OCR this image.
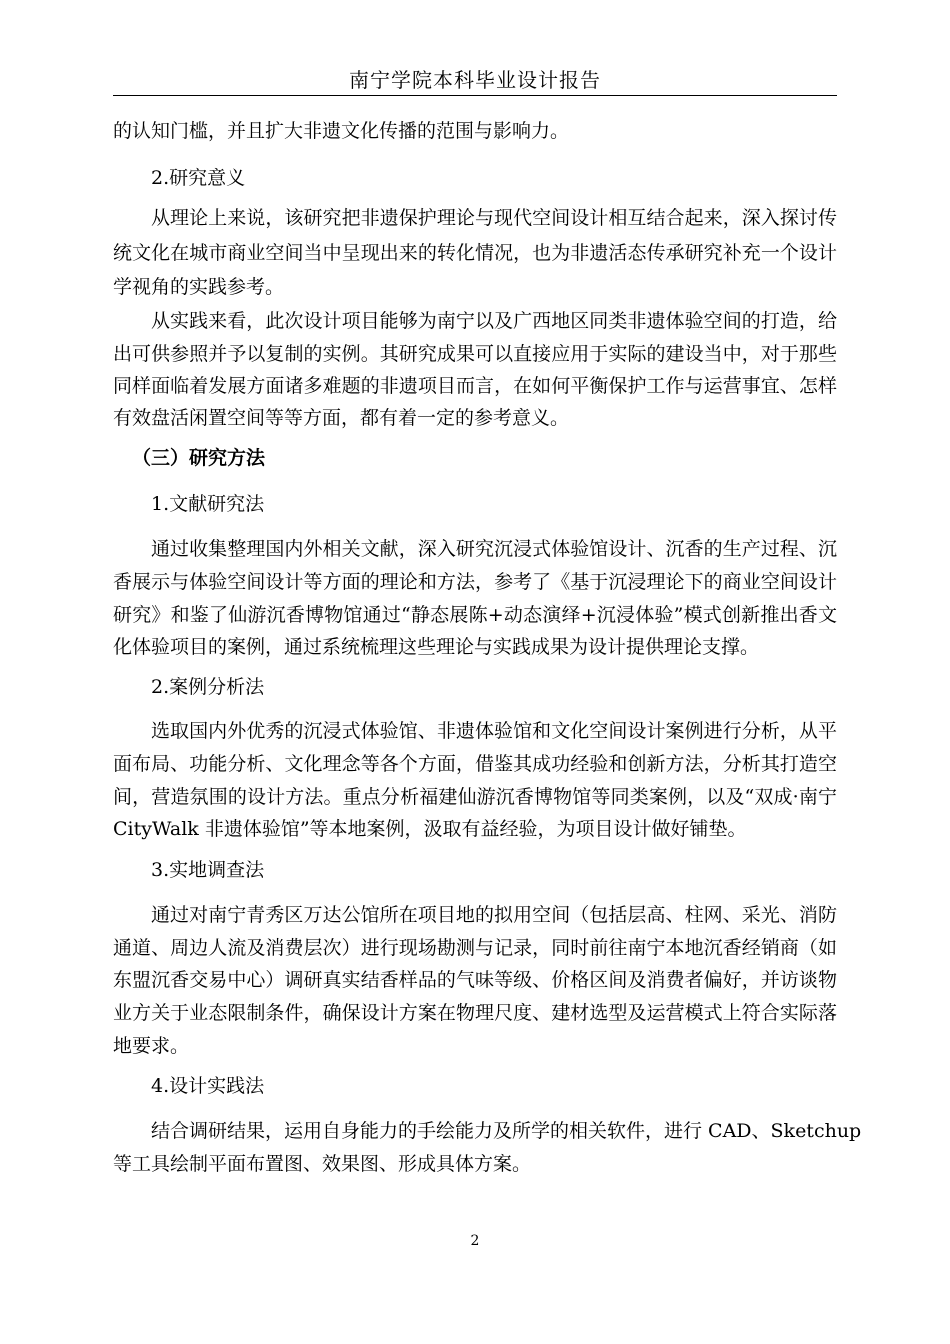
南宁学院本科毕业设计报告
的认知门槛，并且扩大非遗文化传播的范围与影响力。
2.研究意义
从理论上来说，该研究把非遗保护理论与现代空间设计相互结合起来，深入探讨传
统文化在城市商业空间当中呈现出来的转化情况，也为非遗活态传承研究补充一个设计
学视角的实践参考。
从实践来看，此次设计项目能够为南宁以及广西地区同类非遗体验空间的打造，给
出可供参照并予以复制的实例。其研究成果可以直接应用于实际的建设当中，对于那些
同样面临着发展方面诸多难题的非遗项目而言，在如何平衡保护工作与运营事宜、怎样
有效盘活闲置空间等等方面，都有着一定的参考意义。
（三）研究方法
1.文献研究法
通过收集整理国内外相关文献，深入研究沉浸式体验馆设计、沉香的生产过程、沉
香展示与体验空间设计等方面的理论和方法，参考了《基于沉浸理论下的商业空间设计
研究》和鉴了仙游沉香博物馆通过“静态展陈+动态演绎+沉浸体验”模式创新推出香文
化体验项目的案例，通过系统梳理这些理论与实践成果为设计提供理论支撑。
2.案例分析法
选取国内外优秀的沉浸式体验馆、非遗体验馆和文化空间设计案例进行分析，从平
面布局、功能分析、文化理念等各个方面，借鉴其成功经验和创新方法，分析其打造空
间，营造氛围的设计方法。重点分析福建仙游沉香博物馆等同类案例，以及“双成·南宁
CityWalk 非遗体验馆”等本地案例，汲取有益经验，为项目设计做好铺垫。
3.实地调查法
通过对南宁青秀区万达公馆所在项目地的拟用空间（包括层高、柱网、采光、消防
通道、周边人流及消费层次）进行现场勘测与记录，同时前往南宁本地沉香经销商（如
东盟沉香交易中心）调研真实结香样品的气味等级、价格区间及消费者偏好，并访谈物
业方关于业态限制条件，确保设计方案在物理尺度、建材选型及运营模式上符合实际落
地要求。
4.设计实践法
结合调研结果，运用自身能力的手绘能力及所学的相关软件，进行 CAD、Sketchup
等工具绘制平面布置图、效果图、形成具体方案。
2
